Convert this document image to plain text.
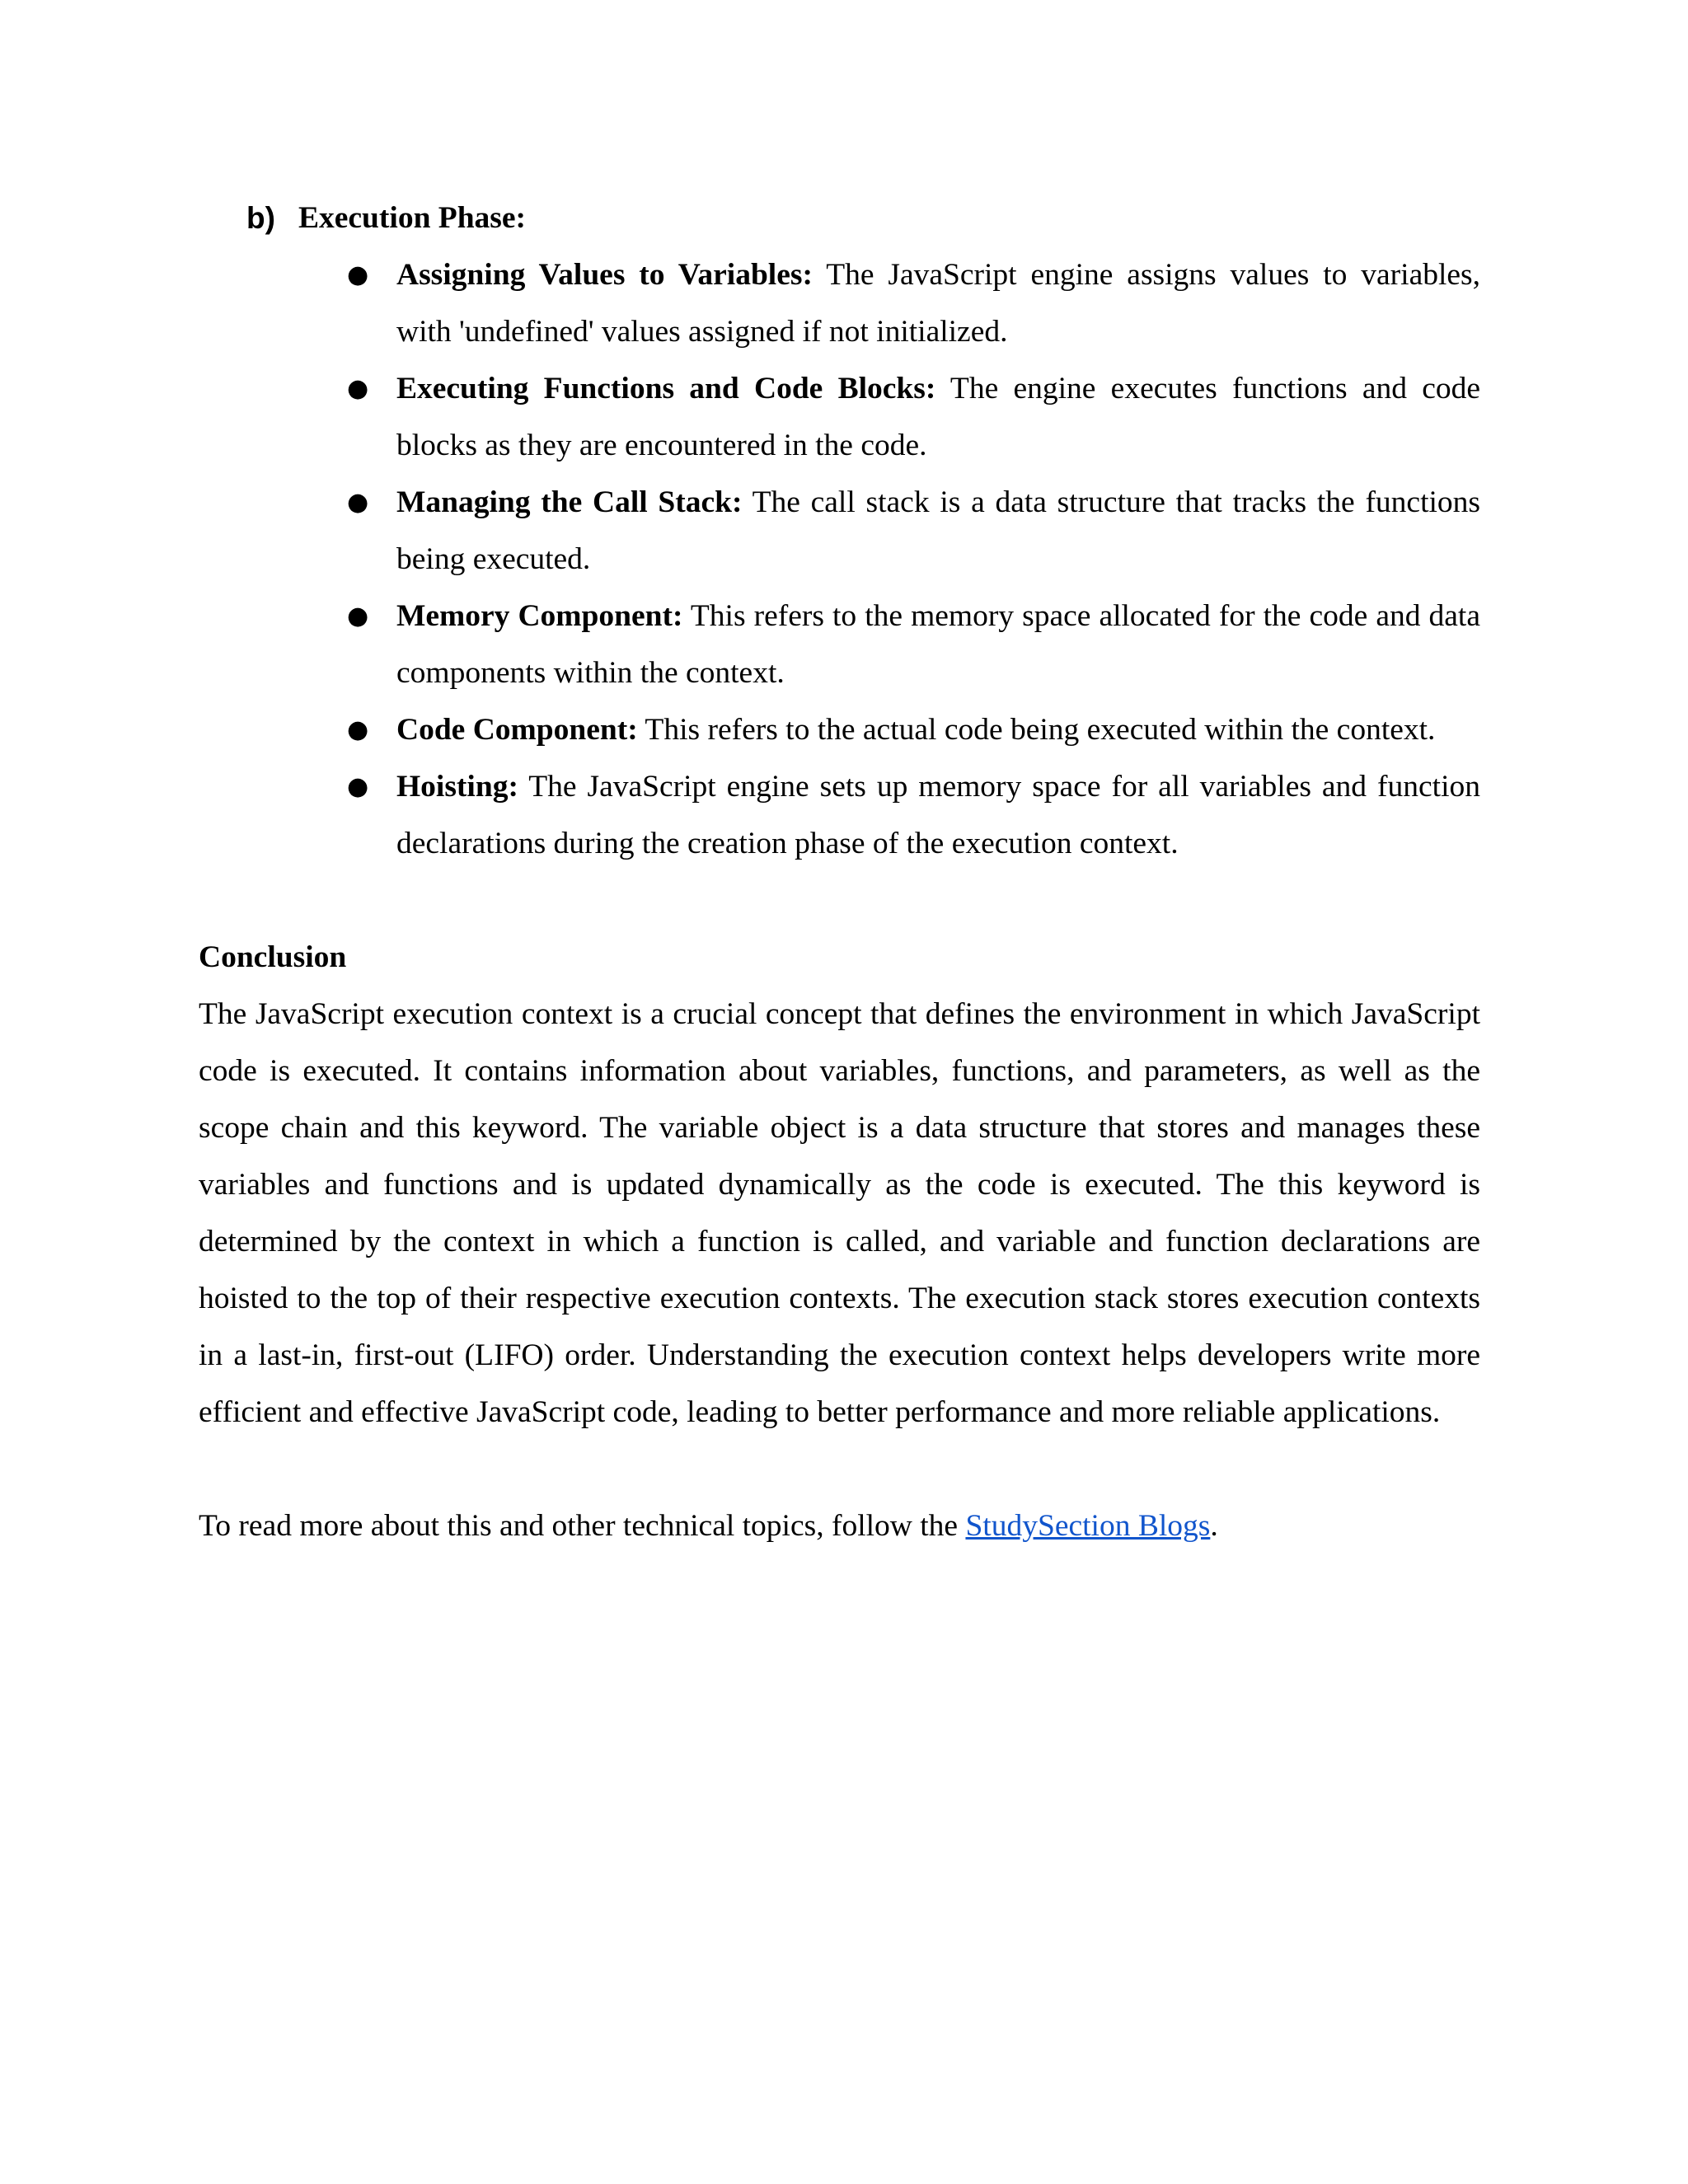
b) Execution Phase:
● Assigning Values to Variables: The JavaScript engine assigns values to variables, with 'undefined' values assigned if not initialized.
● Executing Functions and Code Blocks: The engine executes functions and code blocks as they are encountered in the code.
● Managing the Call Stack: The call stack is a data structure that tracks the functions being executed.
● Memory Component: This refers to the memory space allocated for the code and data components within the context.
● Code Component: This refers to the actual code being executed within the context.
● Hoisting: The JavaScript engine sets up memory space for all variables and function declarations during the creation phase of the execution context.
Conclusion

The JavaScript execution context is a crucial concept that defines the environment in which JavaScript code is executed. It contains information about variables, functions, and parameters, as well as the scope chain and this keyword. The variable object is a data structure that stores and manages these variables and functions and is updated dynamically as the code is executed. The this keyword is determined by the context in which a function is called, and variable and function declarations are hoisted to the top of their respective execution contexts. The execution stack stores execution contexts in a last-in, first-out (LIFO) order. Understanding the execution context helps developers write more efficient and effective JavaScript code, leading to better performance and more reliable applications.

To read more about this and other technical topics, follow the StudySection Blogs.
